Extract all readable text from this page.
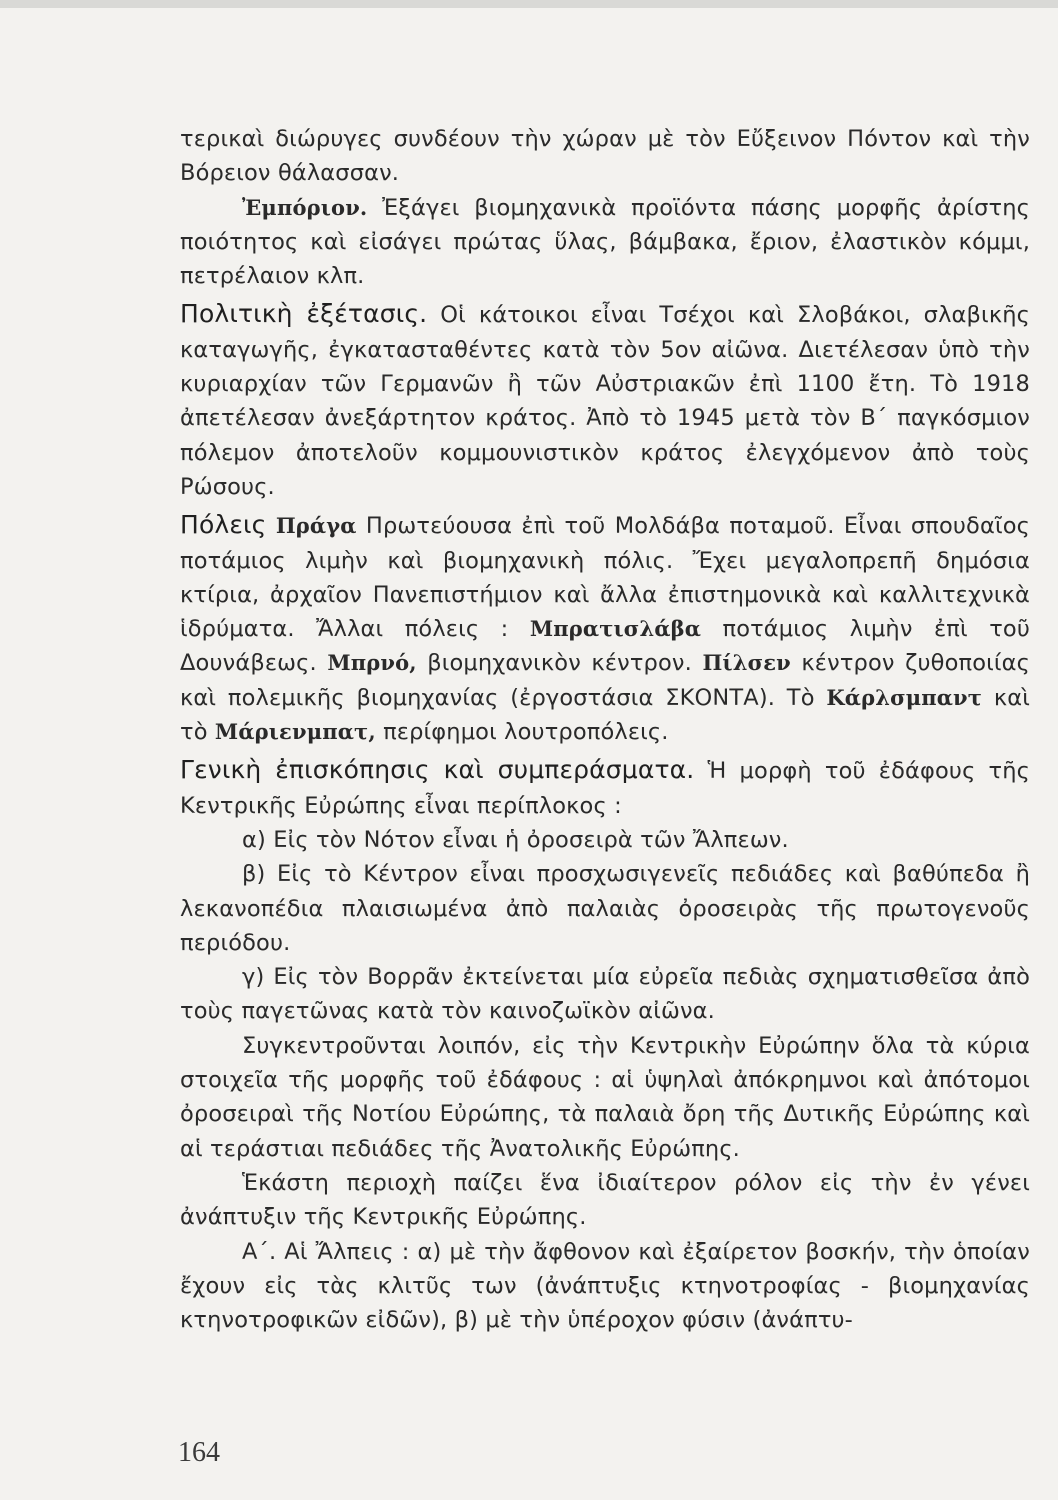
τερικαὶ διώρυγες συνδέουν τὴν χώραν μὲ τὸν Εὔξεινον Πόντον καὶ τὴν Βόρειον θάλασσαν.

Ἐμπόριον. Ἐξάγει βιομηχανικὰ προϊόντα πάσης μορφῆς ἀρίστης ποιότητος καὶ εἰσάγει πρώτας ὕλας, βάμβακα, ἔριον, ἐλαστικὸν κόμμι, πετρέλαιον κλπ.

Πολιτικὴ ἐξέτασις. Οἱ κάτοικοι εἶναι Τσέχοι καὶ Σλοβάκοι, σλαβικῆς καταγωγῆς, ἐγκατασταθέντες κατὰ τὸν 5ον αἰῶνα. Διετέλεσαν ὑπὸ τὴν κυριαρχίαν τῶν Γερμανῶν ἢ τῶν Αὐστριακῶν ἐπὶ 1100 ἔτη. Τὸ 1918 ἀπετέλεσαν ἀνεξάρτητον κράτος. Ἀπὸ τὸ 1945 μετὰ τὸν Β΄ παγκόσμιον πόλεμον ἀποτελοῦν κομμουνιστικὸν κράτος ἐλεγχόμενον ἀπὸ τοὺς Ρώσους.

Πόλεις Πράγα Πρωτεύουσα ἐπὶ τοῦ Μολδάβα ποταμοῦ. Εἶναι σπουδαῖος ποτάμιος λιμὴν καὶ βιομηχανικὴ πόλις. Ἔχει μεγαλοπρεπῆ δημόσια κτίρια, ἀρχαῖον Πανεπιστήμιον καὶ ἄλλα ἐπιστημονικὰ καὶ καλλιτεχνικὰ ἱδρύματα. Ἄλλαι πόλεις : Μπρατισλάβα ποτάμιος λιμὴν ἐπὶ τοῦ Δουνάβεως. Μπρνό, βιομηχανικὸν κέντρον. Πίλσεν κέντρον ζυθοποιίας καὶ πολεμικῆς βιομηχανίας (ἐργοστάσια ΣΚΟΝΤΑ). Τὸ Κάρλσμπαντ καὶ τὸ Μάριενμπατ, περίφημοι λουτροπόλεις.

Γενικὴ ἐπισκόπησις καὶ συμπεράσματα. Ἡ μορφὴ τοῦ ἐδάφους τῆς Κεντρικῆς Εὐρώπης εἶναι περίπλοκος :

α) Εἰς τὸν Νότον εἶναι ἡ ὀροσειρὰ τῶν Ἄλπεων.

β) Εἰς τὸ Κέντρον εἶναι προσχωσιγενεῖς πεδιάδες καὶ βαθύπεδα ἢ λεκανοπέδια πλαισιωμένα ἀπὸ παλαιὰς ὀροσειρὰς τῆς πρωτογενοῦς περιόδου.

γ) Εἰς τὸν Βορρᾶν ἐκτείνεται μία εὐρεῖα πεδιὰς σχηματισθεῖσα ἀπὸ τοὺς παγετῶνας κατὰ τὸν καινοζωϊκὸν αἰῶνα.

Συγκεντροῦνται λοιπόν, εἰς τὴν Κεντρικὴν Εὐρώπην ὅλα τὰ κύρια στοιχεῖα τῆς μορφῆς τοῦ ἐδάφους : αἱ ὑψηλαὶ ἀπόκρημνοι καὶ ἀπότομοι ὀροσειραὶ τῆς Νοτίου Εὐρώπης, τὰ παλαιὰ ὄρη τῆς Δυτικῆς Εὐρώπης καὶ αἱ τεράστιαι πεδιάδες τῆς Ἀνατολικῆς Εὐρώπης.

Ἑκάστη περιοχὴ παίζει ἕνα ἰδιαίτερον ρόλον εἰς τὴν ἐν γένει ἀνάπτυξιν τῆς Κεντρικῆς Εὐρώπης.

Α΄. Αἱ Ἄλπεις : α) μὲ τὴν ἄφθονον καὶ ἐξαίρετον βοσκήν, τὴν ὁποίαν ἔχουν εἰς τὰς κλιτῦς των (ἀνάπτυξις κτηνοτροφίας - βιομηχανίας κτηνοτροφικῶν εἰδῶν), β) μὲ τὴν ὑπέροχον φύσιν (ἀνάπτυ-

164
